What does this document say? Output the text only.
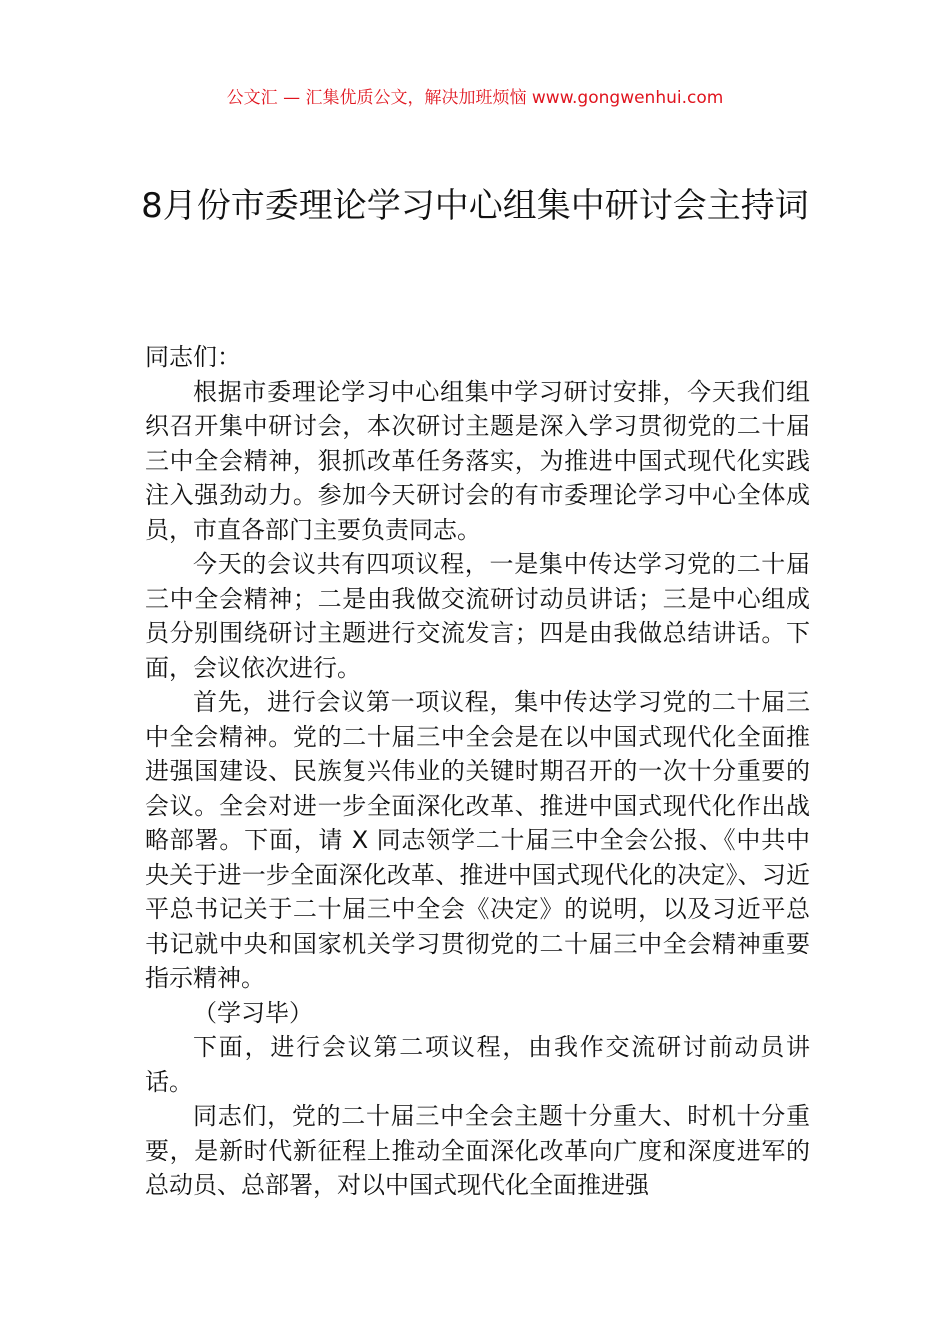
公文汇 — 汇集优质公文，解决加班烦恼 www.gongwenhui.com
8月份市委理论学习中心组集中研讨会主持词

同志们：

根据市委理论学习中心组集中学习研讨安排，今天我们组织召开集中研讨会，本次研讨主题是深入学习贯彻党的二十届三中全会精神，狠抓改革任务落实，为推进中国式现代化实践注入强劲动力。参加今天研讨会的有市委理论学习中心全体成员，市直各部门主要负责同志。

今天的会议共有四项议程，一是集中传达学习党的二十届三中全会精神；二是由我做交流研讨动员讲话；三是中心组成员分别围绕研讨主题进行交流发言；四是由我做总结讲话。下面，会议依次进行。

首先，进行会议第一项议程，集中传达学习党的二十届三中全会精神。党的二十届三中全会是在以中国式现代化全面推进强国建设、民族复兴伟业的关键时期召开的一次十分重要的会议。全会对进一步全面深化改革、推进中国式现代化作出战略部署。下面，请 X 同志领学二十届三中全会公报、《中共中央关于进一步全面深化改革、推进中国式现代化的决定》、习近平总书记关于二十届三中全会《决定》的说明，以及习近平总书记就中央和国家机关学习贯彻党的二十届三中全会精神重要指示精神。

（学习毕）

下面，进行会议第二项议程，由我作交流研讨前动员讲话。

同志们，党的二十届三中全会主题十分重大、时机十分重要，是新时代新征程上推动全面深化改革向广度和深度进军的总动员、总部署，对以中国式现代化全面推进强
